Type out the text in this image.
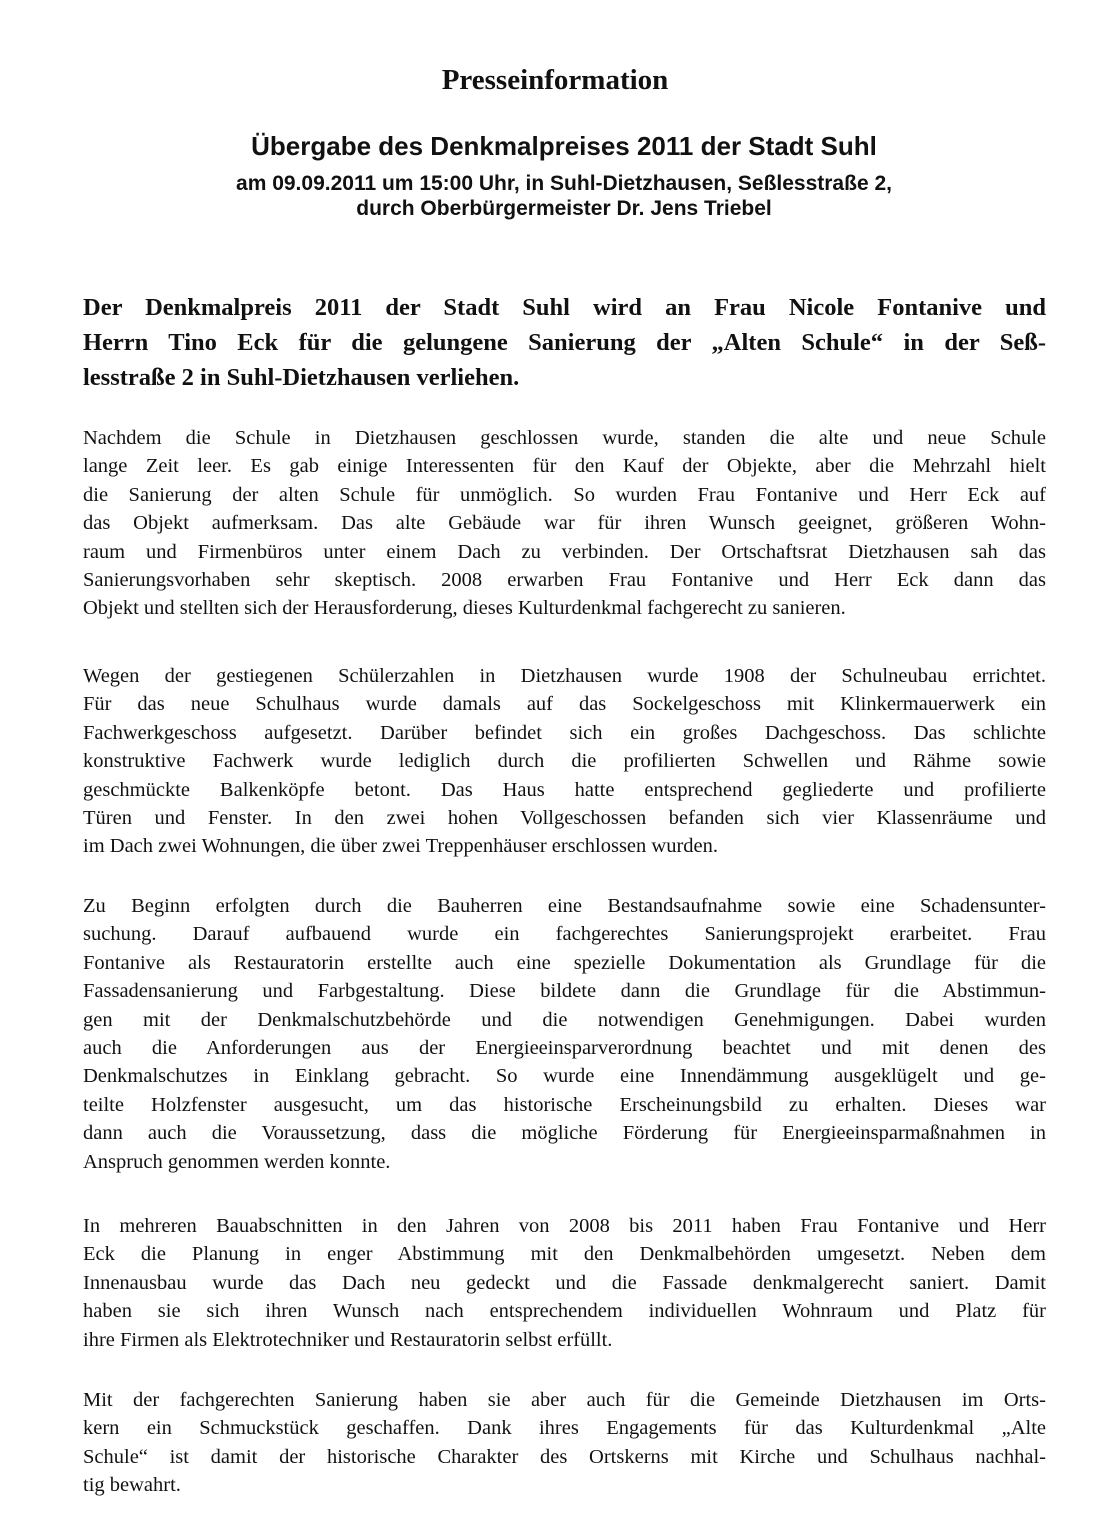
Presseinformation
Übergabe des Denkmalpreises 2011 der Stadt Suhl
am 09.09.2011 um 15:00 Uhr, in Suhl-Dietzhausen, Seßlesstraße 2,
durch Oberbürgermeister Dr. Jens Triebel

Der Denkmalpreis 2011 der Stadt Suhl wird an Frau Nicole Fontanive und
Herrn Tino Eck für die gelungene Sanierung der „Alten Schule“ in der Seß-
lesstraße 2 in Suhl-Dietzhausen verliehen.

Nachdem die Schule in Dietzhausen geschlossen wurde, standen die alte und neue Schule
lange Zeit leer. Es gab einige Interessenten für den Kauf der Objekte, aber die Mehrzahl hielt
die Sanierung der alten Schule für unmöglich. So wurden Frau Fontanive und Herr Eck auf
das Objekt aufmerksam. Das alte Gebäude war für ihren Wunsch geeignet, größeren Wohn-
raum und Firmenbüros unter einem Dach zu verbinden. Der Ortschaftsrat Dietzhausen sah das
Sanierungsvorhaben sehr skeptisch. 2008 erwarben Frau Fontanive und Herr Eck dann das
Objekt und stellten sich der Herausforderung, dieses Kulturdenkmal fachgerecht zu sanieren.

Wegen der gestiegenen Schülerzahlen in Dietzhausen wurde 1908 der Schulneubau errichtet.
Für das neue Schulhaus wurde damals auf das Sockelgeschoss mit Klinkermauerwerk ein
Fachwerkgeschoss aufgesetzt. Darüber befindet sich ein großes Dachgeschoss. Das schlichte
konstruktive Fachwerk wurde lediglich durch die profilierten Schwellen und Rähme sowie
geschmückte Balkenköpfe betont. Das Haus hatte entsprechend gegliederte und profilierte
Türen und Fenster. In den zwei hohen Vollgeschossen befanden sich vier Klassenräume und
im Dach zwei Wohnungen, die über zwei Treppenhäuser erschlossen wurden.

Zu Beginn erfolgten durch die Bauherren eine Bestandsaufnahme sowie eine Schadensunter-
suchung. Darauf aufbauend wurde ein fachgerechtes Sanierungsprojekt erarbeitet. Frau
Fontanive als Restauratorin erstellte auch eine spezielle Dokumentation als Grundlage für die
Fassadensanierung und Farbgestaltung. Diese bildete dann die Grundlage für die Abstimmun-
gen mit der Denkmalschutzbehörde und die notwendigen Genehmigungen. Dabei wurden
auch die Anforderungen aus der Energieeinsparverordnung beachtet und mit denen des
Denkmalschutzes in Einklang gebracht. So wurde eine Innendämmung ausgeklügelt und ge-
teilte Holzfenster ausgesucht, um das historische Erscheinungsbild zu erhalten. Dieses war
dann auch die Voraussetzung, dass die mögliche Förderung für Energieeinsparmaßnahmen in
Anspruch genommen werden konnte.

In mehreren Bauabschnitten in den Jahren von 2008 bis 2011 haben Frau Fontanive und Herr
Eck die Planung in enger Abstimmung mit den Denkmalbehörden umgesetzt. Neben dem
Innenausbau wurde das Dach neu gedeckt und die Fassade denkmalgerecht saniert. Damit
haben sie sich ihren Wunsch nach entsprechendem individuellen Wohnraum und Platz für
ihre Firmen als Elektrotechniker und Restauratorin selbst erfüllt.

Mit der fachgerechten Sanierung haben sie aber auch für die Gemeinde Dietzhausen im Orts-
kern ein Schmuckstück geschaffen. Dank ihres Engagements für das Kulturdenkmal „Alte
Schule“ ist damit der historische Charakter des Ortskerns mit Kirche und Schulhaus nachhal-
tig bewahrt.
